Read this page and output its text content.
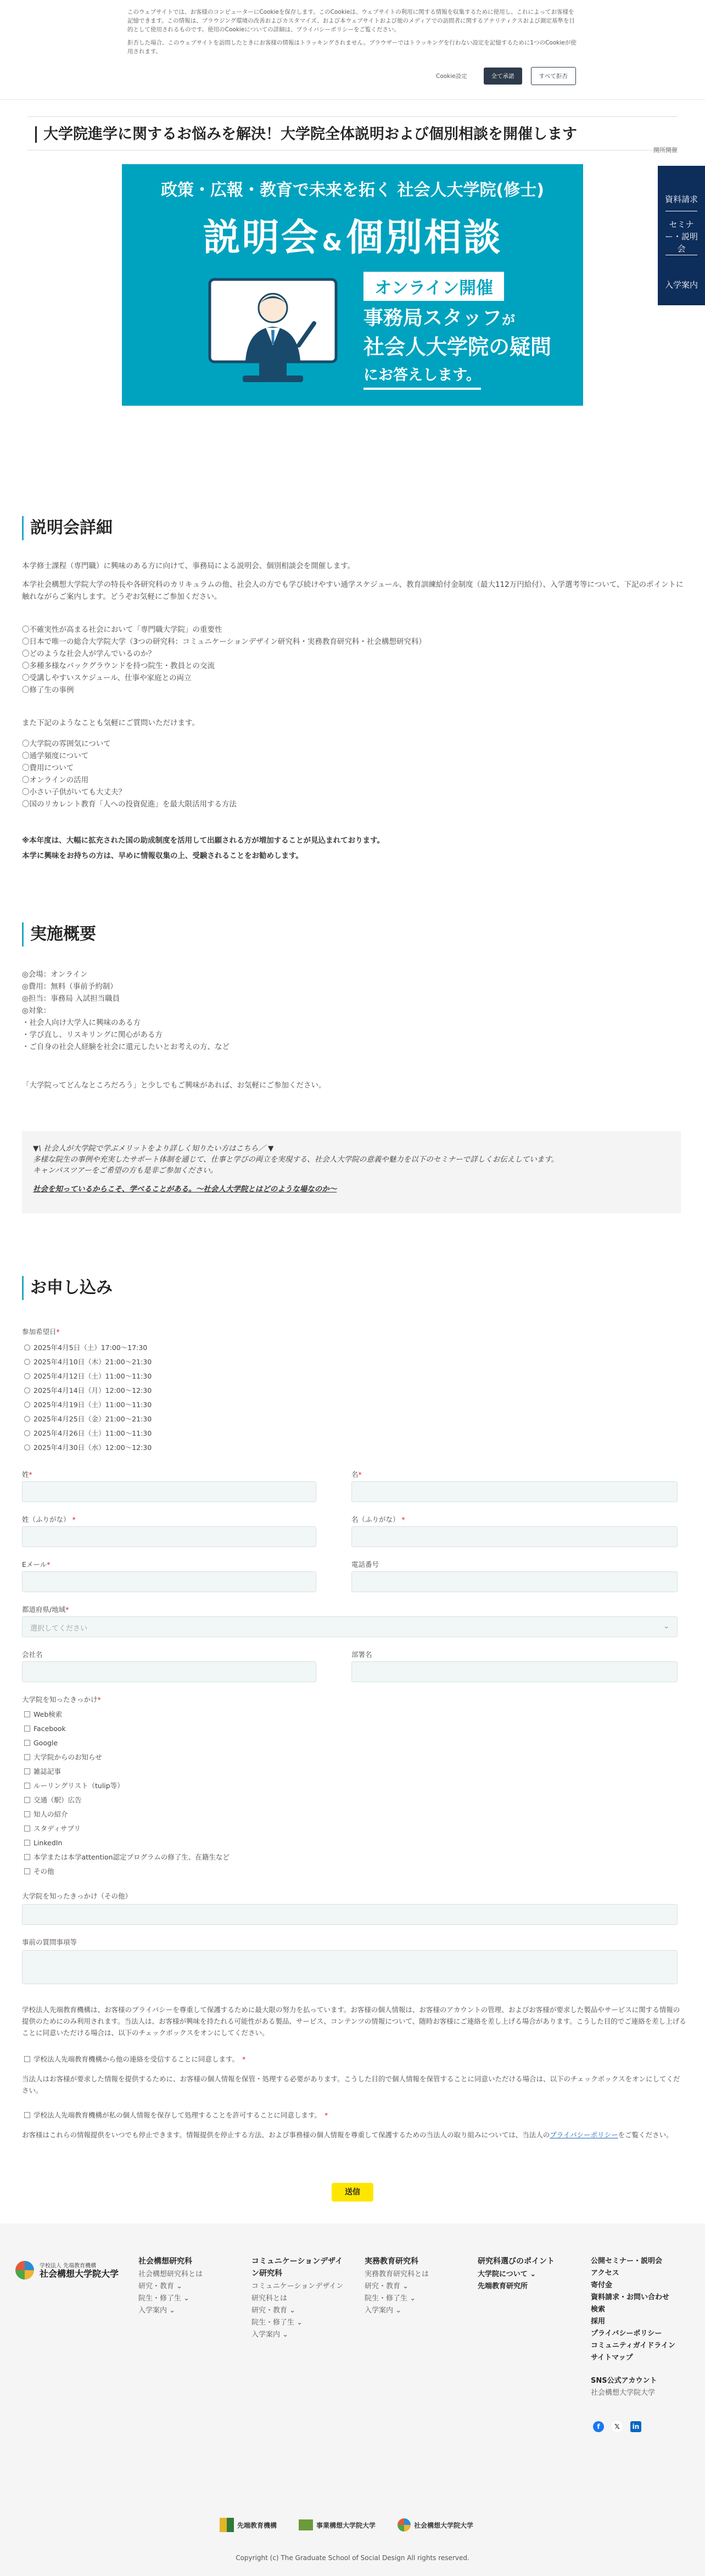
このウェブサイトでは、お客様のコンピューターにCookieを保存します。このCookieは、ウェブサイトの利用に関する情報を収集するために使用し、これによってお客様を記憶できます。この情報は、ブラウジング環境の改善およびカスタマイズ、および本ウェブサイトおよび他のメディアでの訪問者に関するアナリティクスおよび測定基準を目的として使用されるものです。使用のCookieについての詳細は、プライバシーポリシーをご覧ください。

拒否した場合、このウェブサイトを訪問したときにお客様の情報はトラッキングされません。ブラウザーではトラッキングを行わない設定を記憶するために1つのCookieが使用されます。

Cookie設定	全て承諾	すべて拒否
大学院進学に関するお悩みを解決！大学院全体説明および個別相談を開催します
開所開催
政策・広報・教育で未来を拓く 社会人大学院(修士)
説明会&個別相談
オンライン開催
事務局スタッフが
社会人大学院の疑問
にお答えします。
資料請求
セミナー・説明会
入学案内
説明会詳細
本学修士課程（専門職）に興味のある方に向けて、事務局による説明会、個別相談会を開催します。
本学社会構想大学院大学の特長や各研究科のカリキュラムの他、社会人の方でも学び続けやすい通学スケジュール、教育訓練給付金制度（最大112万円給付）、入学選考等について、下記のポイントに触れながらご案内します。どうぞお気軽にご参加ください。
〇不確実性が高まる社会において「専門職大学院」の重要性
〇日本で唯一の総合大学院大学（3つの研究科：コミュニケーションデザイン研究科・実務教育研究科・社会構想研究科）
〇どのような社会人が学んでいるのか？
〇多種多様なバックグラウンドを持つ院生・教員との交流
〇受講しやすいスケジュール、仕事や家庭との両立
〇修了生の事例
また下記のようなことも気軽にご質問いただけます。
〇大学院の雰囲気について
〇通学頻度について
〇費用について
〇オンラインの活用
〇小さい子供がいても大丈夫？
〇国のリカレント教育「人への投資促進」を最大限活用する方法
※本年度は、大幅に拡充された国の助成制度を活用して出願される方が増加することが見込まれております。
本学に興味をお持ちの方は、早めに情報収集の上、受験されることをお勧めします。
実施概要
◎会場：オンライン
◎費用：無料（事前予約制）
◎担当：事務局 入試担当職員
◎対象：
・社会人向け大学人に興味のある方
・学び直し、リスキリングに関心がある方
・ご自身の社会人経験を社会に還元したいとお考えの方、など
「大学院ってどんなところだろう」と少しでもご興味があれば、お気軽にご参加ください。
▼\ 社会人が大学院で学ぶメリットをより詳しく知りたい方はこちら／ ▼
多様な院生の事例や充実したサポート体制を通じて、仕事と学びの両立を実現する、社会人大学院の意義や魅力を以下のセミナーで詳しくお伝えしています。
キャンパスツアーをご希望の方も是非ご参加ください。
社会を知っているからこそ、学べることがある。〜社会人大学院とはどのような場なのか〜
お申し込み
参加希望日*
2025年4月5日（土）17:00〜17:30
2025年4月10日（木）21:00〜21:30
2025年4月12日（土）11:00〜11:30
2025年4月14日（月）12:00〜12:30
2025年4月19日（土）11:00〜11:30
2025年4月25日（金）21:00〜21:30
2025年4月26日（土）11:00〜11:30
2025年4月30日（水）12:00〜12:30
姓*	名*
姓（ふりがな） *	名（ふりがな） *
Eメール*	電話番号
都道府県/地域*
選択してください	⌄
会社名	部署名
大学院を知ったきっかけ*
Web検索
Facebook
Google
大学院からのお知らせ
雑誌記事
ルーリングリスト（tulip等）
交通（駅）広告
知人の紹介
スタディサプリ
LinkedIn
本学または本学attention認定プログラムの修了生、在籍生など
その他
大学院を知ったきっかけ（その他）
事前の質問事項等
学校法人先端教育機構は、お客様のプライバシーを尊重して保護するために最大限の努力を払っています。お客様の個人情報は、お客様のアカウントの管理、およびお客様が要求した製品やサービスに関する情報の提供のためにのみ利用されます。当法人は、お客様が興味を持たれる可能性がある製品、サービス、コンテンツの情報について、随時お客様にご連絡を差し上げる場合があります。こうした目的でご連絡を差し上げることに同意いただける場合は、以下のチェックボックスをオンにしてください。
学校法人先端教育機構から他の連絡を受信することに同意します。 *
当法人はお客様が要求した情報を提供するために、お客様の個人情報を保管・処理する必要があります。こうした目的で個人情報を保管することに同意いただける場合は、以下のチェックボックスをオンにしてください。
学校法人先端教育機構が私の個人情報を保存して処理することを許可することに同意します。 *
お客様はこれらの情報提供をいつでも停止できます。情報提供を停止する方法、および事務様の個人情報を尊重して保護するための当法人の取り組みについては、当法人のプライバシーポリシーをご覧ください。
送信
学校法人 先端教育機構
社会構想大学院大学
社会構想研究科
社会構想研究科とは
研究・教育 ⌄
院生・修了生 ⌄
入学案内 ⌄
コミュニケーションデザイン研究科
コミュニケーションデザイン研究科とは
研究・教育 ⌄
院生・修了生 ⌄
入学案内 ⌄
実務教育研究科
実務教育研究科とは
研究・教育 ⌄
院生・修了生 ⌄
入学案内 ⌄
研究科選びのポイント
大学院について ⌄
先端教育研究所
公開セミナー・説明会
アクセス
寄付金
資料請求・お問い合わせ
検索
採用
プライバシーポリシー
コミュニティガイドライン
サイトマップ
SNS公式アカウント
社会構想大学院大学
f	𝕏	in
先端教育機構	事業構想大学院大学	社会構想大学院大学
Copyright (c) The Graduate School of Social Design All rights reserved.
